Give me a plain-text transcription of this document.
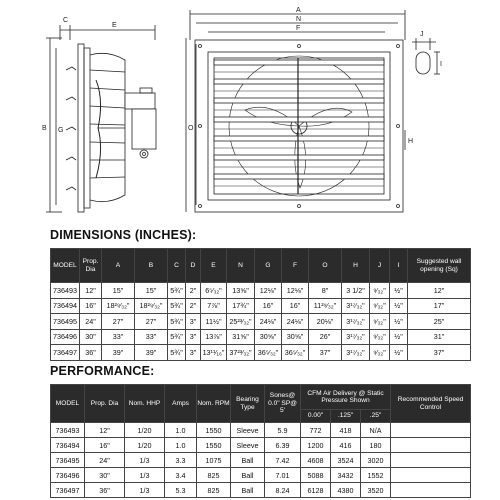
C
E
B G
A
N
F
O
H
J
I
DIMENSIONS (INCHES):
MODEL	Prop. Dia	A	B	C	D	E	N	G	F	O	H	J	I	Suggested wall opening (Sq)
736493	12"	15"	15"	5¾"	2"	6⁵⁄₃₂"	13⅝"	12⅛"	12⅛"	8"	3 1/2"	⁹⁄₃₂"	½"	12"
736494	16"	18²⁹⁄₃₂"	18²⁹⁄₃₂"	5¾"	2"	7⅞"	17¾"	16"	16"	11²⁹⁄₃₂"	3¹⁷⁄₃₂"	⁹⁄₃₂"	½"	17"
736495	24"	27"	27"	5¾"	3"	11½"	25²³⁄₃₂"	24⅛"	24⅛"	20⅛"	3¹⁷⁄₃₂"	⁹⁄₃₂"	½"	25"
736496	30"	33"	33"	5¾"	3"	13⅞"	31⅝"	30⅝"	30⅝"	26"	3¹⁷⁄₃₂"	⁹⁄₃₂"	½"	31"
736497	36"	39"	39"	5¾"	3"	13¹¹⁄₁₆"	37²³⁄₃₂"	36⁵⁄₃₂"	36⁵⁄₃₂"	37"	3¹⁷⁄₃₂"	⁹⁄₃₂"	½"	37"
PERFORMANCE:
MODEL	Prop. Dia	Nom. HHP	Amps	Nom. RPM	Bearing Type	Sones@ 0.0" SP@ 5'	CFM Air Delivery @ Static Pressure Shown			Recommended Speed Control
							0.00"	.125"	.25"	
736493	12"	1/20	1.0	1550	Sleeve	5.9	772	418	N/A	
736494	16"	1/20	1.0	1550	Sleeve	6.39	1200	416	180	
736495	24"	1/3	3.3	1075	Ball	7.42	4608	3524	3020	
736496	30"	1/3	3.4	825	Ball	7.01	5088	3432	1552	
736497	36"	1/3	5.3	825	Ball	8.24	6128	4380	3520	
